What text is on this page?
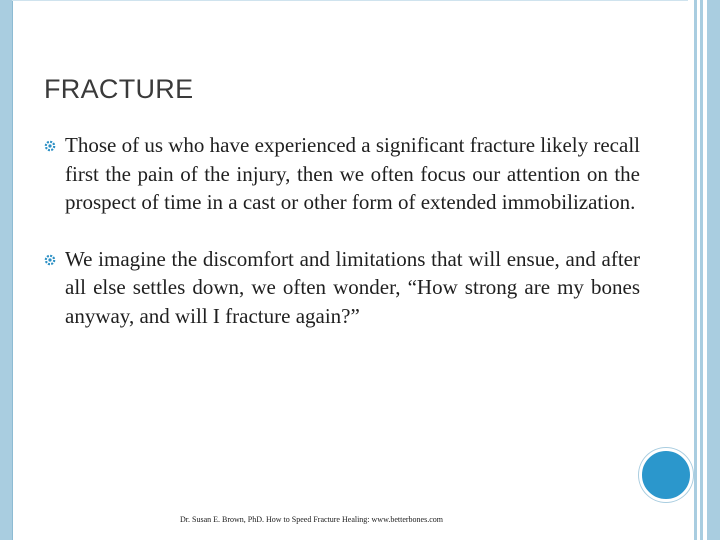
FRACTURE
Those of us who have experienced a significant fracture likely recall first the pain of the injury, then we often focus our attention on the prospect of time in a cast or other form of extended immobilization.
We imagine the discomfort and limitations that will ensue, and after all else settles down, we often wonder, “How strong are my bones anyway, and will I fracture again?”
Dr. Susan E. Brown, PhD. How to Speed Fracture Healing: www.betterbones.com
